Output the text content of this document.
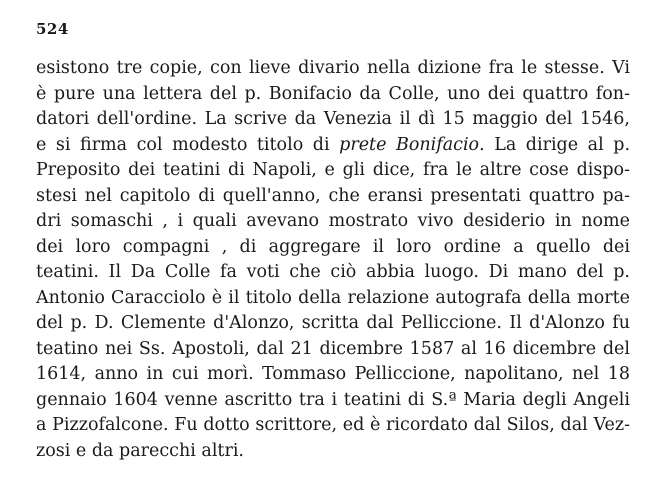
524
esistono tre copie, con lieve divario nella dizione fra le stesse. Vi
è pure una lettera del p. Bonifacio da Colle, uno dei quattro fon-
datori dell'ordine. La scrive da Venezia il dì 15 maggio del 1546,
e si firma col modesto titolo di prete Bonifacio. La dirige al p.
Preposito dei teatini di Napoli, e gli dice, fra le altre cose dispo-
stesi nel capitolo di quell'anno, che eransi presentati quattro pa-
dri somaschi , i quali avevano mostrato vivo desiderio in nome
dei loro compagni , di aggregare il loro ordine a quello dei
teatini. Il Da Colle fa voti che ciò abbia luogo. Di mano del p.
Antonio Caracciolo è il titolo della relazione autografa della morte
del p. D. Clemente d'Alonzo, scritta dal Pelliccione. Il d'Alonzo fu
teatino nei Ss. Apostoli, dal 21 dicembre 1587 al 16 dicembre del
1614, anno in cui morì. Tommaso Pelliccione, napolitano, nel 18
gennaio 1604 venne ascritto tra i teatini di S.ª Maria degli Angeli
a Pizzofalcone. Fu dotto scrittore, ed è ricordato dal Silos, dal Vez-
zosi e da parecchi altri.
